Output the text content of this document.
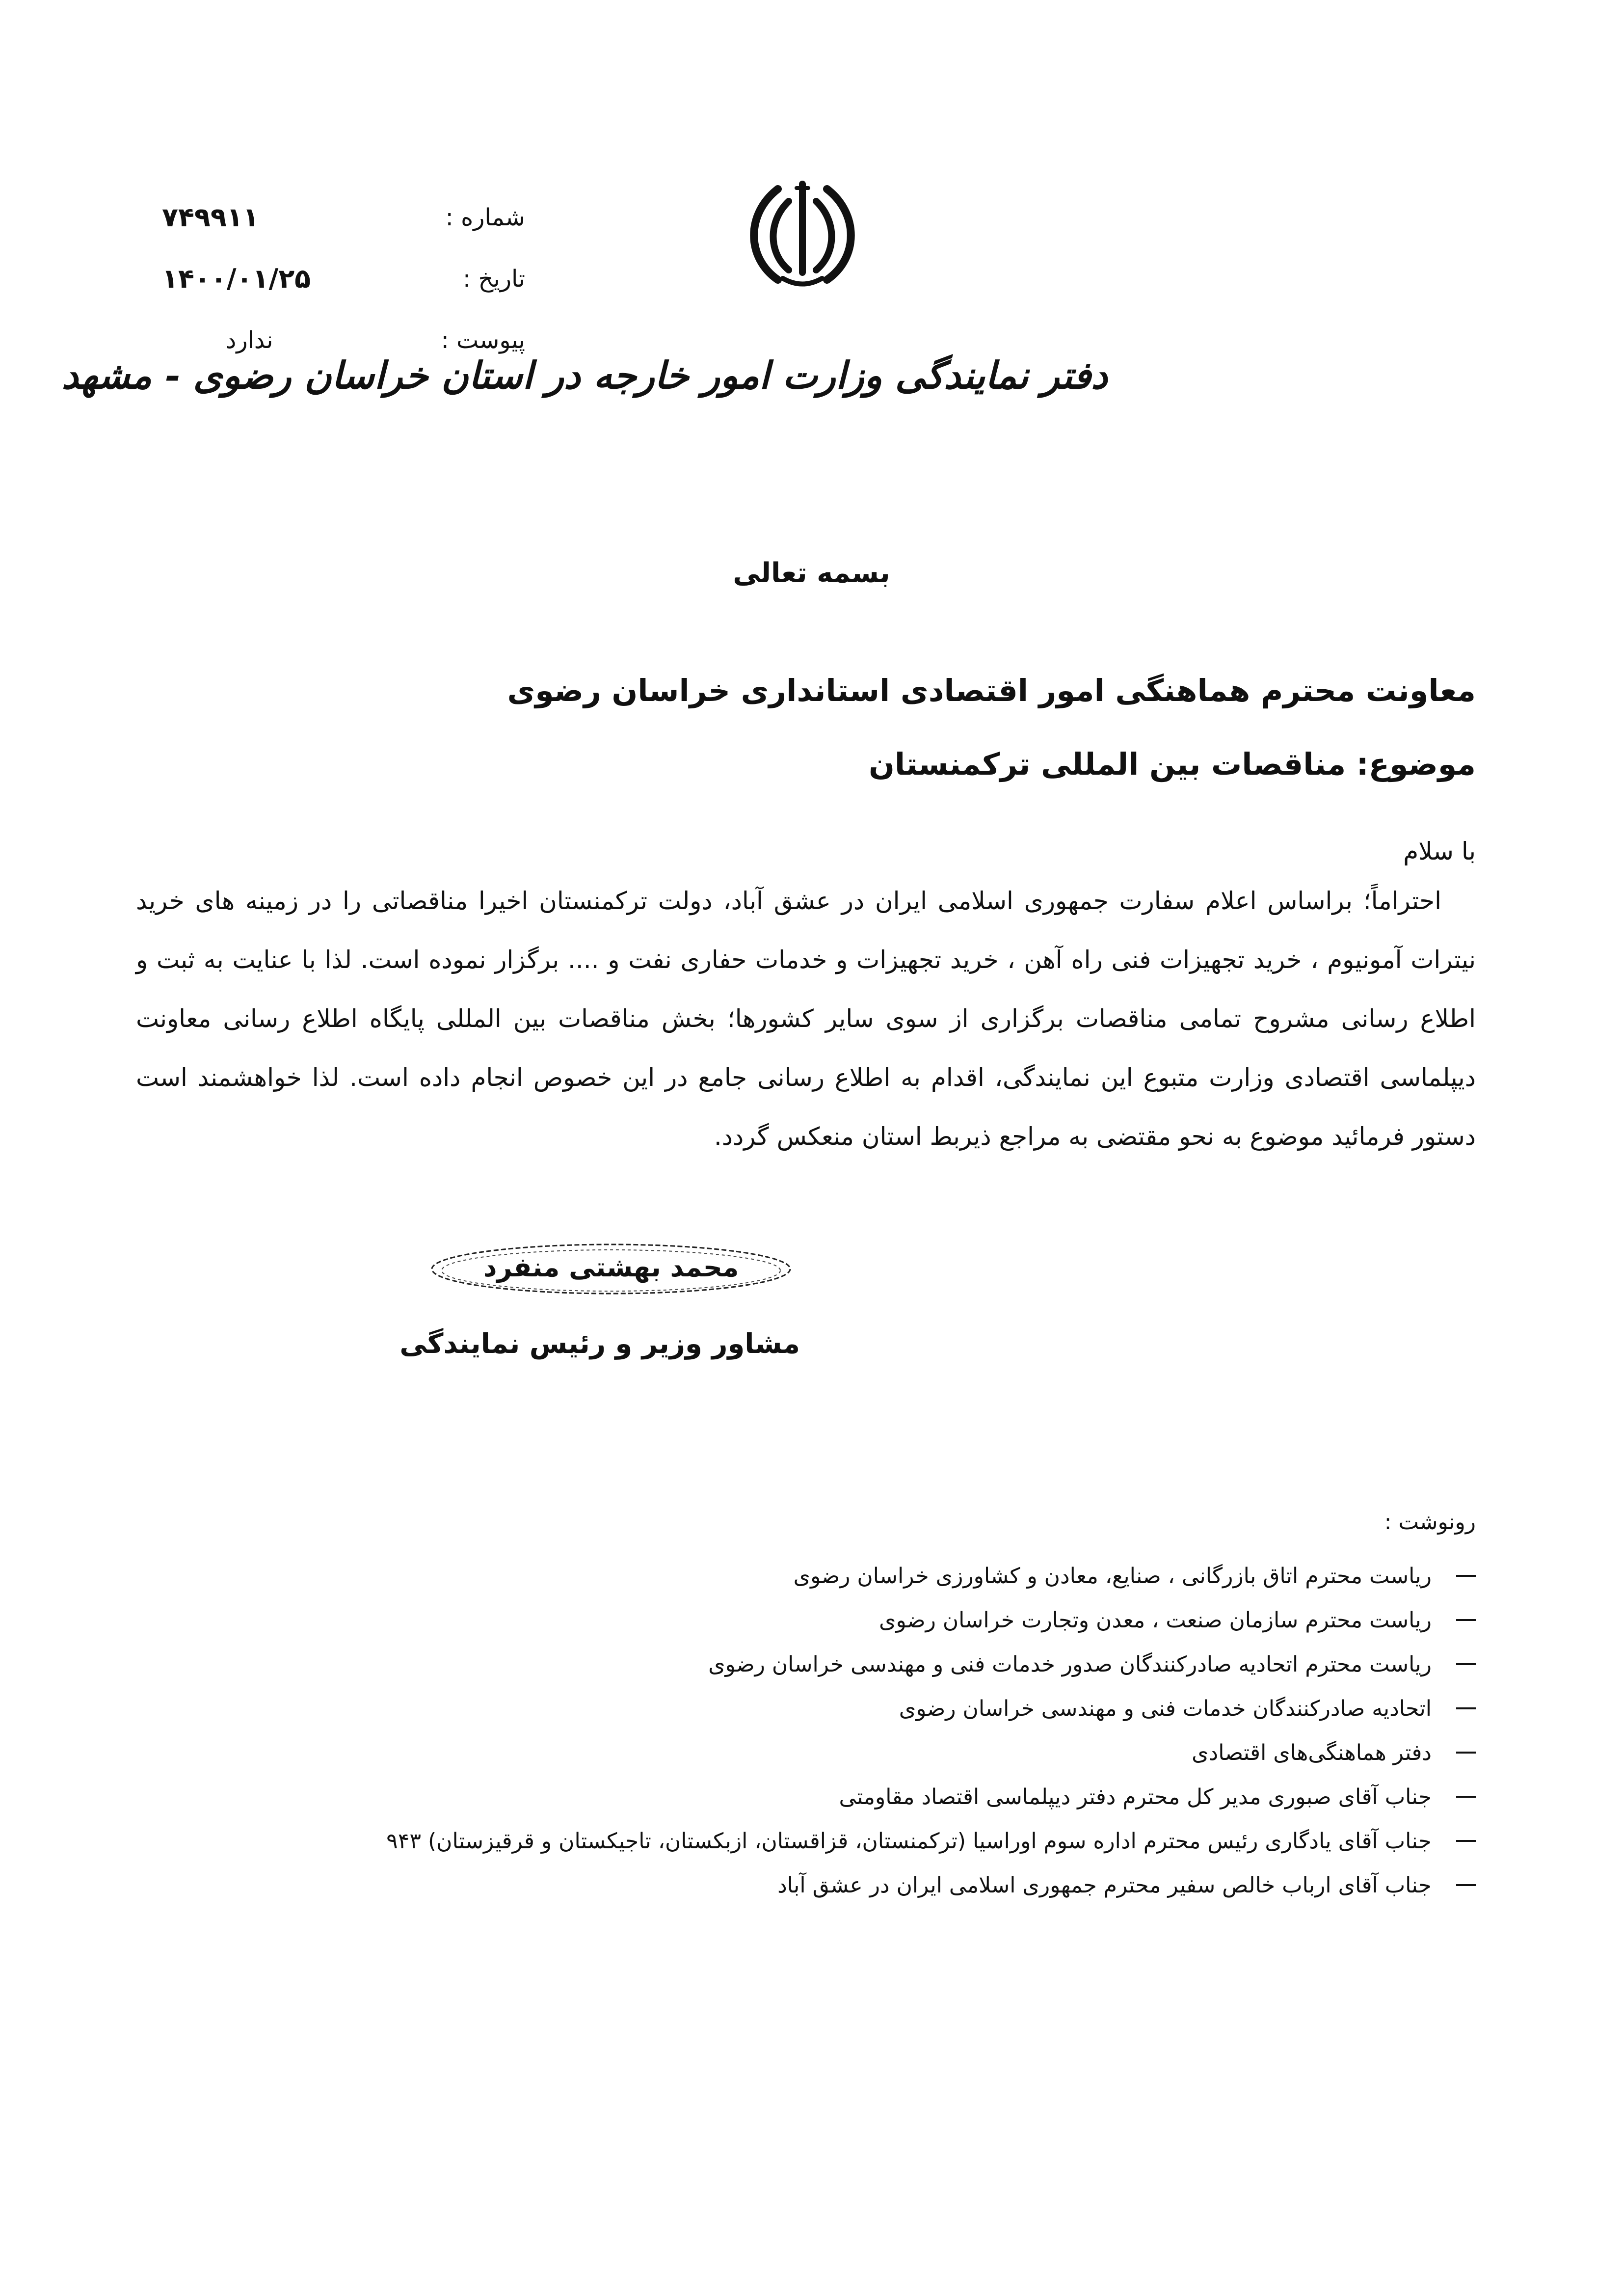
شماره :
۷۴۹۹۱۱
تاریخ :
۱۴۰۰/۰۱/۲۵
پیوست :
ندارد
دفتر نمایندگی وزارت امور خارجه در استان خراسان رضوی - مشهد
بسمه تعالی
معاونت محترم هماهنگی امور اقتصادی استانداری خراسان رضوی
موضوع: مناقصات بین المللی ترکمنستان
با سلام
احتراماً؛ براساس اعلام سفارت جمهوری اسلامی ایران در عشق آباد، دولت ترکمنستان اخیرا مناقصاتی را در زمینه های خرید نیترات آمونیوم ، خرید تجهیزات فنی راه آهن ، خرید تجهیزات و خدمات حفاری نفت و .... برگزار نموده است. لذا با عنایت به ثبت و اطلاع رسانی مشروح تمامی مناقصات برگزاری از سوی سایر کشورها؛ بخش مناقصات بین المللی پایگاه اطلاع رسانی معاونت دیپلماسی اقتصادی وزارت متبوع این نمایندگی، اقدام به اطلاع رسانی جامع در این خصوص انجام داده است. لذا خواهشمند است دستور فرمائید موضوع به نحو مقتضی به مراجع ذیربط استان منعکس گردد.
محمد بهشتی منفرد
مشاور وزیر و رئیس نمایندگی
رونوشت :
ریاست محترم اتاق بازرگانی ، صنایع، معادن و کشاورزی خراسان رضوی
ریاست محترم سازمان صنعت ، معدن وتجارت خراسان رضوی
ریاست محترم اتحادیه صادرکنندگان صدور خدمات فنی و مهندسی خراسان رضوی
اتحادیه صادرکنندگان خدمات فنی و مهندسی خراسان رضوی
دفتر هماهنگی‌های اقتصادی
جناب آقای صبوری مدیر کل محترم دفتر دیپلماسی اقتصاد مقاومتی
جناب آقای یادگاری رئیس محترم اداره سوم اوراسیا (ترکمنستان، قزاقستان، ازبکستان، تاجیکستان و قرقیزستان) ۹۴۳
جناب آقای ارباب خالص سفیر محترم جمهوری اسلامی ایران در عشق آباد
